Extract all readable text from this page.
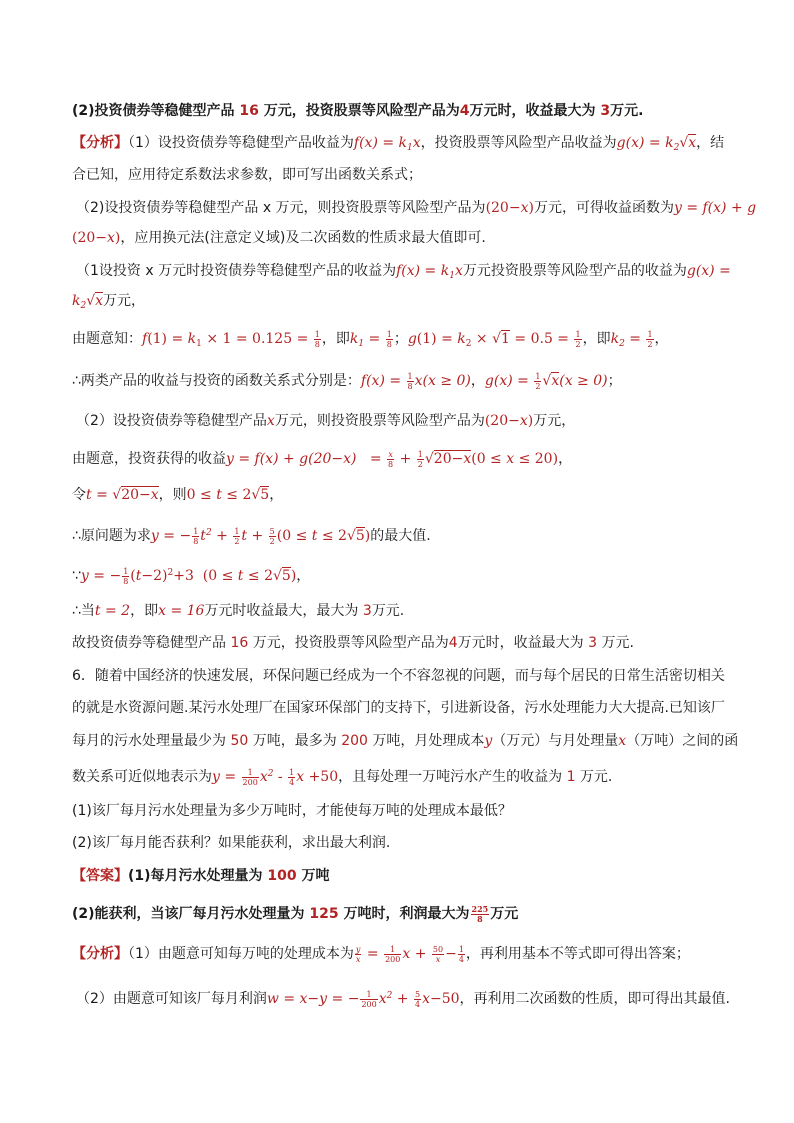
(2)投资债券等稳健型产品 16 万元，投资股票等风险型产品为4万元时，收益最大为 3万元.
【分析】（1）设投资债券等稳健型产品收益为$f(x) = k_1x$，投资股票等风险型产品收益为$g(x) = k_2√x$，结
合已知，应用待定系数法求参数，即可写出函数关系式；
（2)设投资债券等稳健型产品 x 万元，则投资股票等风险型产品为(20−x)万元，可得收益函数为y = f(x) + g
(20−x)，应用换元法(注意定义域)及二次函数的性质求最大值即可.
（1设投资 x 万元时投资债券等稳健型产品的收益为$f(x) = k_1x$万元投资股票等风险型产品的收益为g(x) =
$k_2√x$万元，
由题意知：$f(1) = k_1 \times 1 = 0.125 = \frac{1}{8}$ ，即$k_1 = \frac{1}{8}$ ；$g(1) = k_2 \times √1 = 0.5 = \frac{1}{2}$ ，即$k_2 = \frac{1}{2}$ ，
∴两类产品的收益与投资的函数关系式分别是：$f(x) = \frac{1}{8} x(x \ge 0)$，$g(x) = \frac{1}{2} √x(x \ge 0)$；
（2）设投资债券等稳健型产品x万元，则投资股票等风险型产品为(20−x)万元，
由题意，投资获得的收益$y = f(x) + g(20-x) = \frac{x}{8} + \frac{1}{2} √20-x(0 \le x \le 20)$，
令t = √20−x，则0 ≤ t ≤ 2√5，
∴原问题为求y = − $\frac{1}{8} t^2 + \frac{1}{2}$ $t + \frac{5}{2} (0 \le t \le 2√5)$的最大值.
∵y = − $\frac{1}{8} (t-2)^2+3$  (0 ≤ t ≤ 2√5)，
∴当t = 2，即x = 16万元时收益最大，最大为 3万元.
故投资债券等稳健型产品 16 万元，投资股票等风险型产品为4万元时，收益最大为 3 万元.
6．随着中国经济的快速发展，环保问题已经成为一个不容忽视的问题，而与每个居民的日常生活密切相关
的就是水资源问题.某污水处理厂在国家环保部门的支持下，引进新设备，污水处理能力大大提高.已知该厂
每月的污水处理量最少为 50 万吨，最多为 200 万吨，月处理成本y（万元）与月处理量x（万吨）之间的函
数关系可近似地表示为$y = \frac{1}{200} x^2 - \frac{1}{4}$ x +50，且每处理一万吨污水产生的收益为 1 万元.
(1)该厂每月污水处理量为多少万吨时，才能使每万吨的处理成本最低？
(2)该厂每月能否获利？如果能获利，求出最大利润.
【答案】(1)每月污水处理量为 100 万吨
(2)能获利，当该厂每月污水处理量为 125 万吨时，利润最大为 $\frac{225}{8}$ 万元
【分析】（1）由题意可知每万吨的处理成本为 $\frac{y}{x} = \frac{1}{200}$ $x + \frac{50}{x} - \frac{1}{4}$ ，再利用基本不等式即可得出答案；
（2）由题意可知该厂每月利润w = x−y = − $\frac{1}{200} x^2 + \frac{5}{4} x-50$，再利用二次函数的性质，即可得出其最值.
